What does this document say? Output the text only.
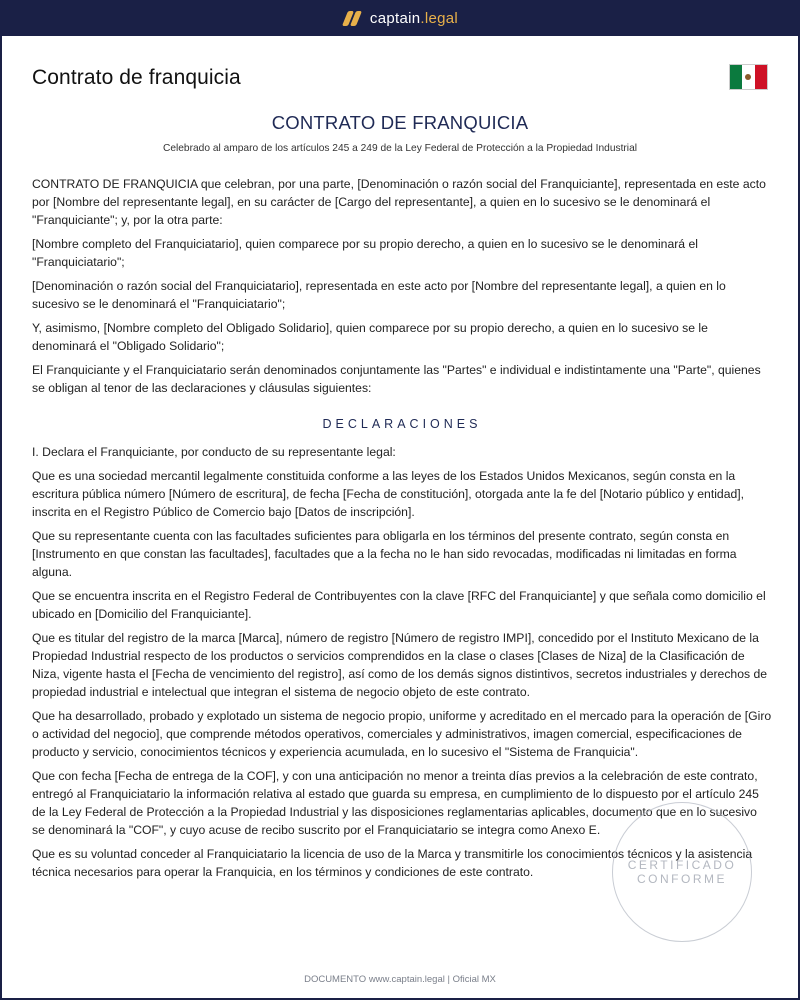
captain.legal
Contrato de franquicia
CONTRATO DE FRANQUICIA
Celebrado al amparo de los artículos 245 a 249 de la Ley Federal de Protección a la Propiedad Industrial

CONTRATO DE FRANQUICIA que celebran, por una parte, [Denominación o razón social del Franquiciante], representada en este acto por [Nombre del representante legal], en su carácter de [Cargo del representante], a quien en lo sucesivo se le denominará el "Franquiciante"; y, por la otra parte:

[Nombre completo del Franquiciatario], quien comparece por su propio derecho, a quien en lo sucesivo se le denominará el "Franquiciatario";

[Denominación o razón social del Franquiciatario], representada en este acto por [Nombre del representante legal], a quien en lo sucesivo se le denominará el "Franquiciatario";

Y, asimismo, [Nombre completo del Obligado Solidario], quien comparece por su propio derecho, a quien en lo sucesivo se le denominará el "Obligado Solidario";

El Franquiciante y el Franquiciatario serán denominados conjuntamente las "Partes" e individual e indistintamente una "Parte", quienes se obligan al tenor de las declaraciones y cláusulas siguientes:

DECLARACIONES

I. Declara el Franquiciante, por conducto de su representante legal:

Que es una sociedad mercantil legalmente constituida conforme a las leyes de los Estados Unidos Mexicanos, según consta en la escritura pública número [Número de escritura], de fecha [Fecha de constitución], otorgada ante la fe del [Notario público y entidad], inscrita en el Registro Público de Comercio bajo [Datos de inscripción].

Que su representante cuenta con las facultades suficientes para obligarla en los términos del presente contrato, según consta en [Instrumento en que constan las facultades], facultades que a la fecha no le han sido revocadas, modificadas ni limitadas en forma alguna.

Que se encuentra inscrita en el Registro Federal de Contribuyentes con la clave [RFC del Franquiciante] y que señala como domicilio el ubicado en [Domicilio del Franquiciante].

Que es titular del registro de la marca [Marca], número de registro [Número de registro IMPI], concedido por el Instituto Mexicano de la Propiedad Industrial respecto de los productos o servicios comprendidos en la clase o clases [Clases de Niza] de la Clasificación de Niza, vigente hasta el [Fecha de vencimiento del registro], así como de los demás signos distintivos, secretos industriales y derechos de propiedad industrial e intelectual que integran el sistema de negocio objeto de este contrato.

Que ha desarrollado, probado y explotado un sistema de negocio propio, uniforme y acreditado en el mercado para la operación de [Giro o actividad del negocio], que comprende métodos operativos, comerciales y administrativos, imagen comercial, especificaciones de producto y servicio, conocimientos técnicos y experiencia acumulada, en lo sucesivo el "Sistema de Franquicia".

Que con fecha [Fecha de entrega de la COF], y con una anticipación no menor a treinta días previos a la celebración de este contrato, entregó al Franquiciatario la información relativa al estado que guarda su empresa, en cumplimiento de lo dispuesto por el artículo 245 de la Ley Federal de Protección a la Propiedad Industrial y las disposiciones reglamentarias aplicables, documento que en lo sucesivo se denominará la "COF", y cuyo acuse de recibo suscrito por el Franquiciatario se integra como Anexo E.

Que es su voluntad conceder al Franquiciatario la licencia de uso de la Marca y transmitirle los conocimientos técnicos y la asistencia técnica necesarios para operar la Franquicia, en los términos y condiciones de este contrato.	CERTIFICADO
CONFORME
DOCUMENTO www.captain.legal | Oficial MX
